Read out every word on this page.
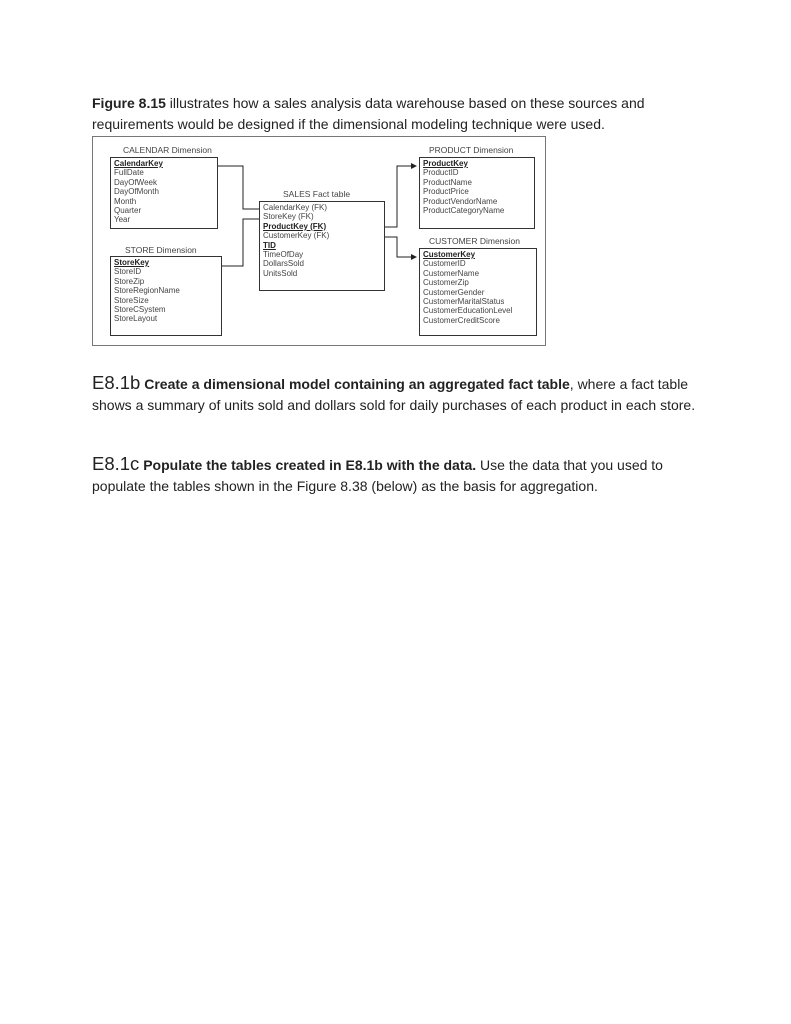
Figure 8.15 illustrates how a sales analysis data warehouse based on these sources and requirements would be designed if the dimensional modeling technique were used.

CALENDAR Dimension
CalendarKey
FullDate
DayOfWeek
DayOfMonth
Month
Quarter
Year
STORE Dimension
StoreKey
StoreID
StoreZip
StoreRegionName
StoreSize
StoreCSystem
StoreLayout
SALES Fact table
CalendarKey (FK)
StoreKey (FK)
ProductKey (FK)
CustomerKey (FK)
TID
TimeOfDay
DollarsSold
UnitsSold
PRODUCT Dimension
ProductKey
ProductID
ProductName
ProductPrice
ProductVendorName
ProductCategoryName
CUSTOMER Dimension
CustomerKey
CustomerID
CustomerName
CustomerZip
CustomerGender
CustomerMaritalStatus
CustomerEducationLevel
CustomerCreditScore

E8.1b Create a dimensional model containing an aggregated fact table, where a fact table shows a summary of units sold and dollars sold for daily purchases of each product in each store.

E8.1c Populate the tables created in E8.1b with the data. Use the data that you used to populate the tables shown in the Figure 8.38 (below) as the basis for aggregation.
